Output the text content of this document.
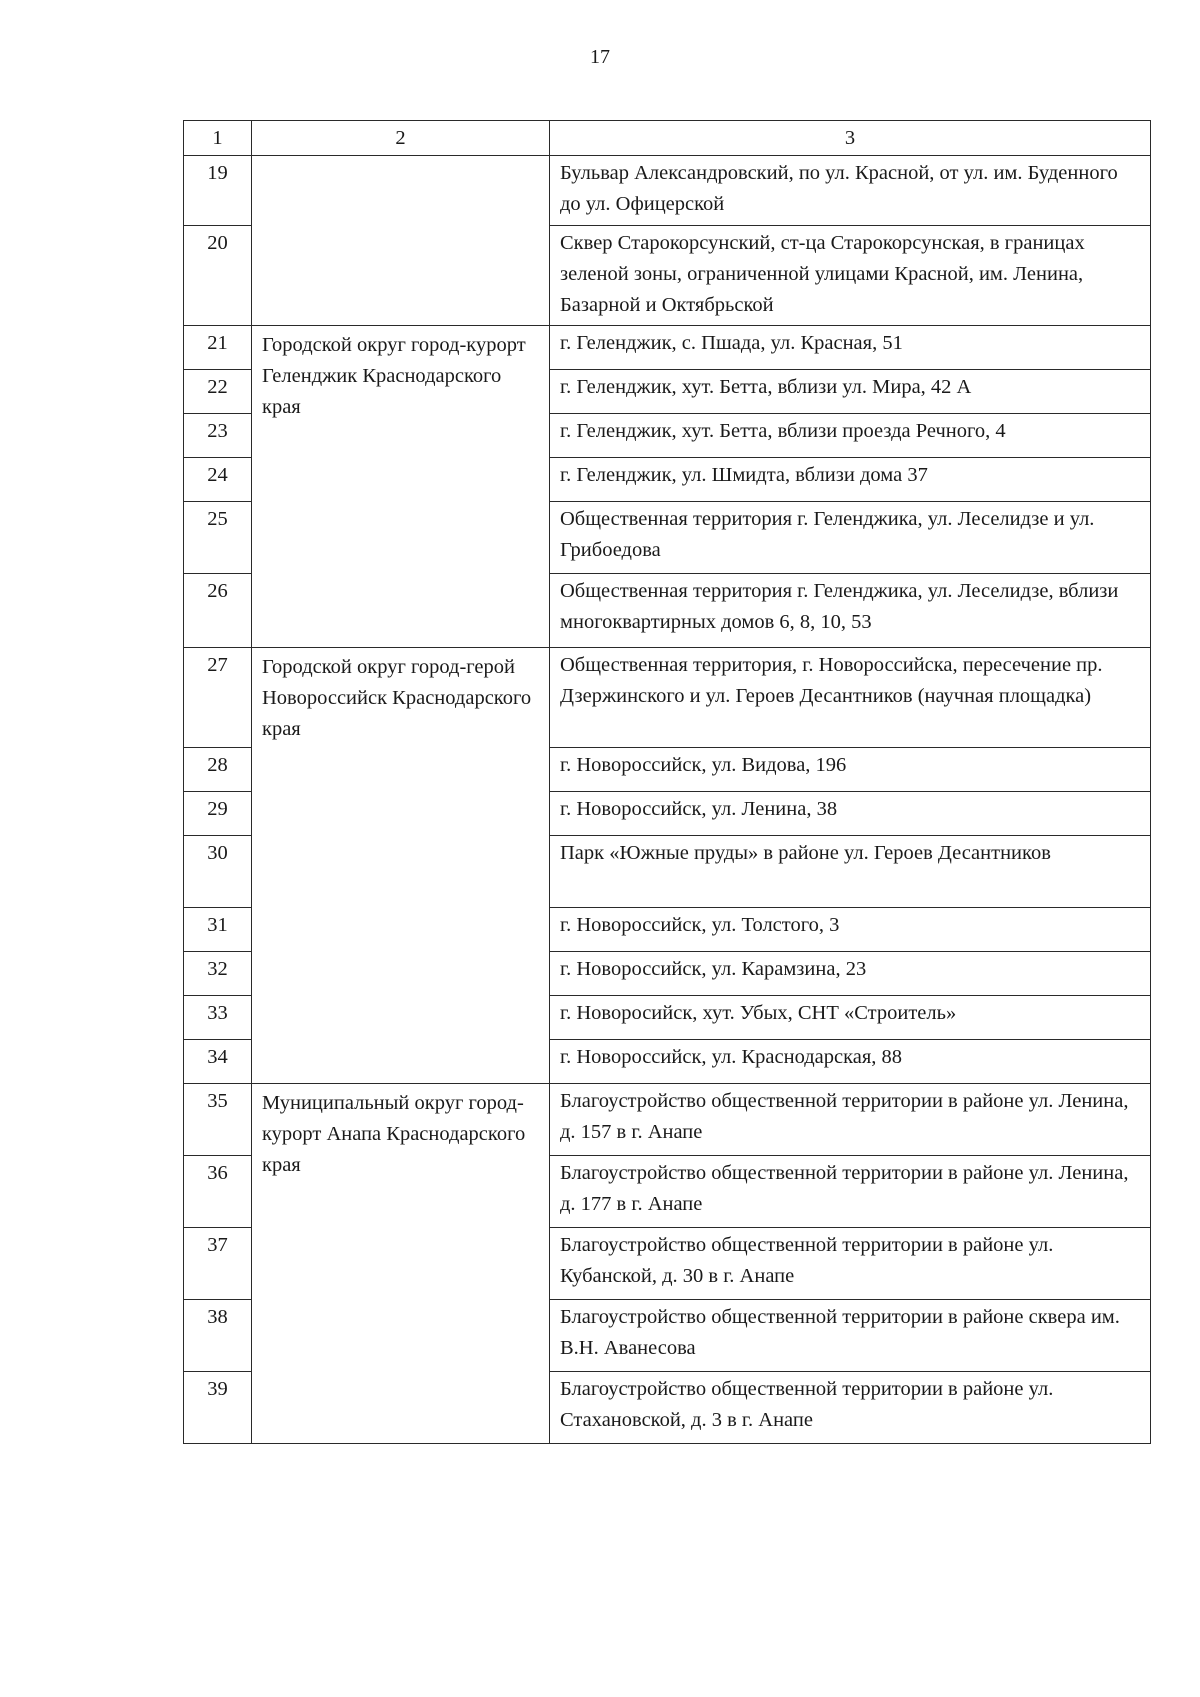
17
1	2	3
19		Бульвар Александровский, по ул. Красной, от ул. им. Буденного до ул. Офицерской
20		Сквер Старокорсунский, ст-ца Старокорсунская, в границах зеленой зоны, ограниченной улицами Красной, им. Ленина, Базарной и Октябрьской
21	Городской округ город-курорт Геленджик Краснодарского края	г. Геленджик, с. Пшада, ул. Красная, 51
22		г. Геленджик, хут. Бетта, вблизи ул. Мира, 42 А
23		г. Геленджик, хут. Бетта, вблизи проезда Речного, 4
24		г. Геленджик, ул. Шмидта, вблизи дома 37
25		Общественная территория г. Геленджика, ул. Леселидзе и ул. Грибоедова
26		Общественная территория г. Геленджика, ул. Леселидзе, вблизи многоквартирных домов 6, 8, 10, 53
27	Городской округ город-герой Новороссийск Краснодарского края	Общественная территория, г. Новороссийска, пересечение пр. Дзержинского и ул. Героев Десантников (научная площадка)
28		г. Новороссийск, ул. Видова, 196
29		г. Новороссийск, ул. Ленина, 38
30		Парк «Южные пруды» в районе ул. Героев Десантников
31		г. Новороссийск, ул. Толстого, 3
32		г. Новороссийск, ул. Карамзина, 23
33		г. Новоросийск, хут. Убых, СНТ «Строитель»
34		г. Новороссийск, ул. Краснодарская, 88
35	Муниципальный округ город-курорт Анапа Краснодарского края	Благоустройство общественной территории в районе ул. Ленина, д. 157 в г. Анапе
36		Благоустройство общественной территории в районе ул. Ленина, д. 177 в г. Анапе
37		Благоустройство общественной территории в районе ул. Кубанской, д. 30 в г. Анапе
38		Благоустройство общественной территории в районе сквера им. В.Н. Аванесова
39		Благоустройство общественной территории в районе ул. Стахановской, д. 3 в г. Анапе
